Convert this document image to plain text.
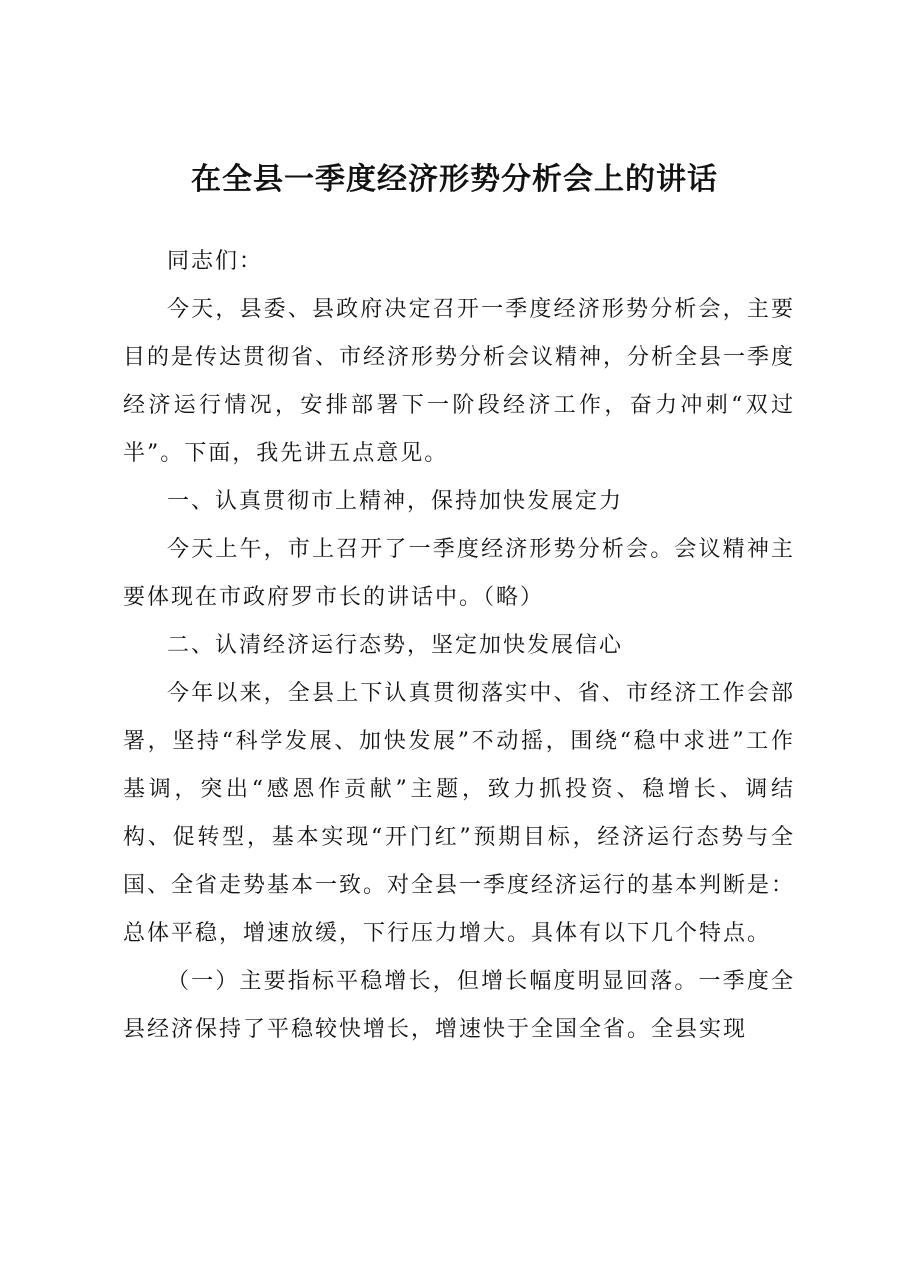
在全县一季度经济形势分析会上的讲话

同志们：

今天，县委、县政府决定召开一季度经济形势分析会，主要目的是传达贯彻省、市经济形势分析会议精神，分析全县一季度经济运行情况，安排部署下一阶段经济工作，奋力冲刺“双过半”。下面，我先讲五点意见。

一、认真贯彻市上精神，保持加快发展定力

今天上午，市上召开了一季度经济形势分析会。会议精神主要体现在市政府罗市长的讲话中。（略）

二、认清经济运行态势，坚定加快发展信心

今年以来，全县上下认真贯彻落实中、省、市经济工作会部署，坚持“科学发展、加快发展”不动摇，围绕“稳中求进”工作基调，突出“感恩作贡献”主题，致力抓投资、稳增长、调结构、促转型，基本实现“开门红”预期目标，经济运行态势与全国、全省走势基本一致。对全县一季度经济运行的基本判断是：总体平稳，增速放缓，下行压力增大。具体有以下几个特点。

（一）主要指标平稳增长，但增长幅度明显回落。一季度全县经济保持了平稳较快增长，增速快于全国全省。全县实现
